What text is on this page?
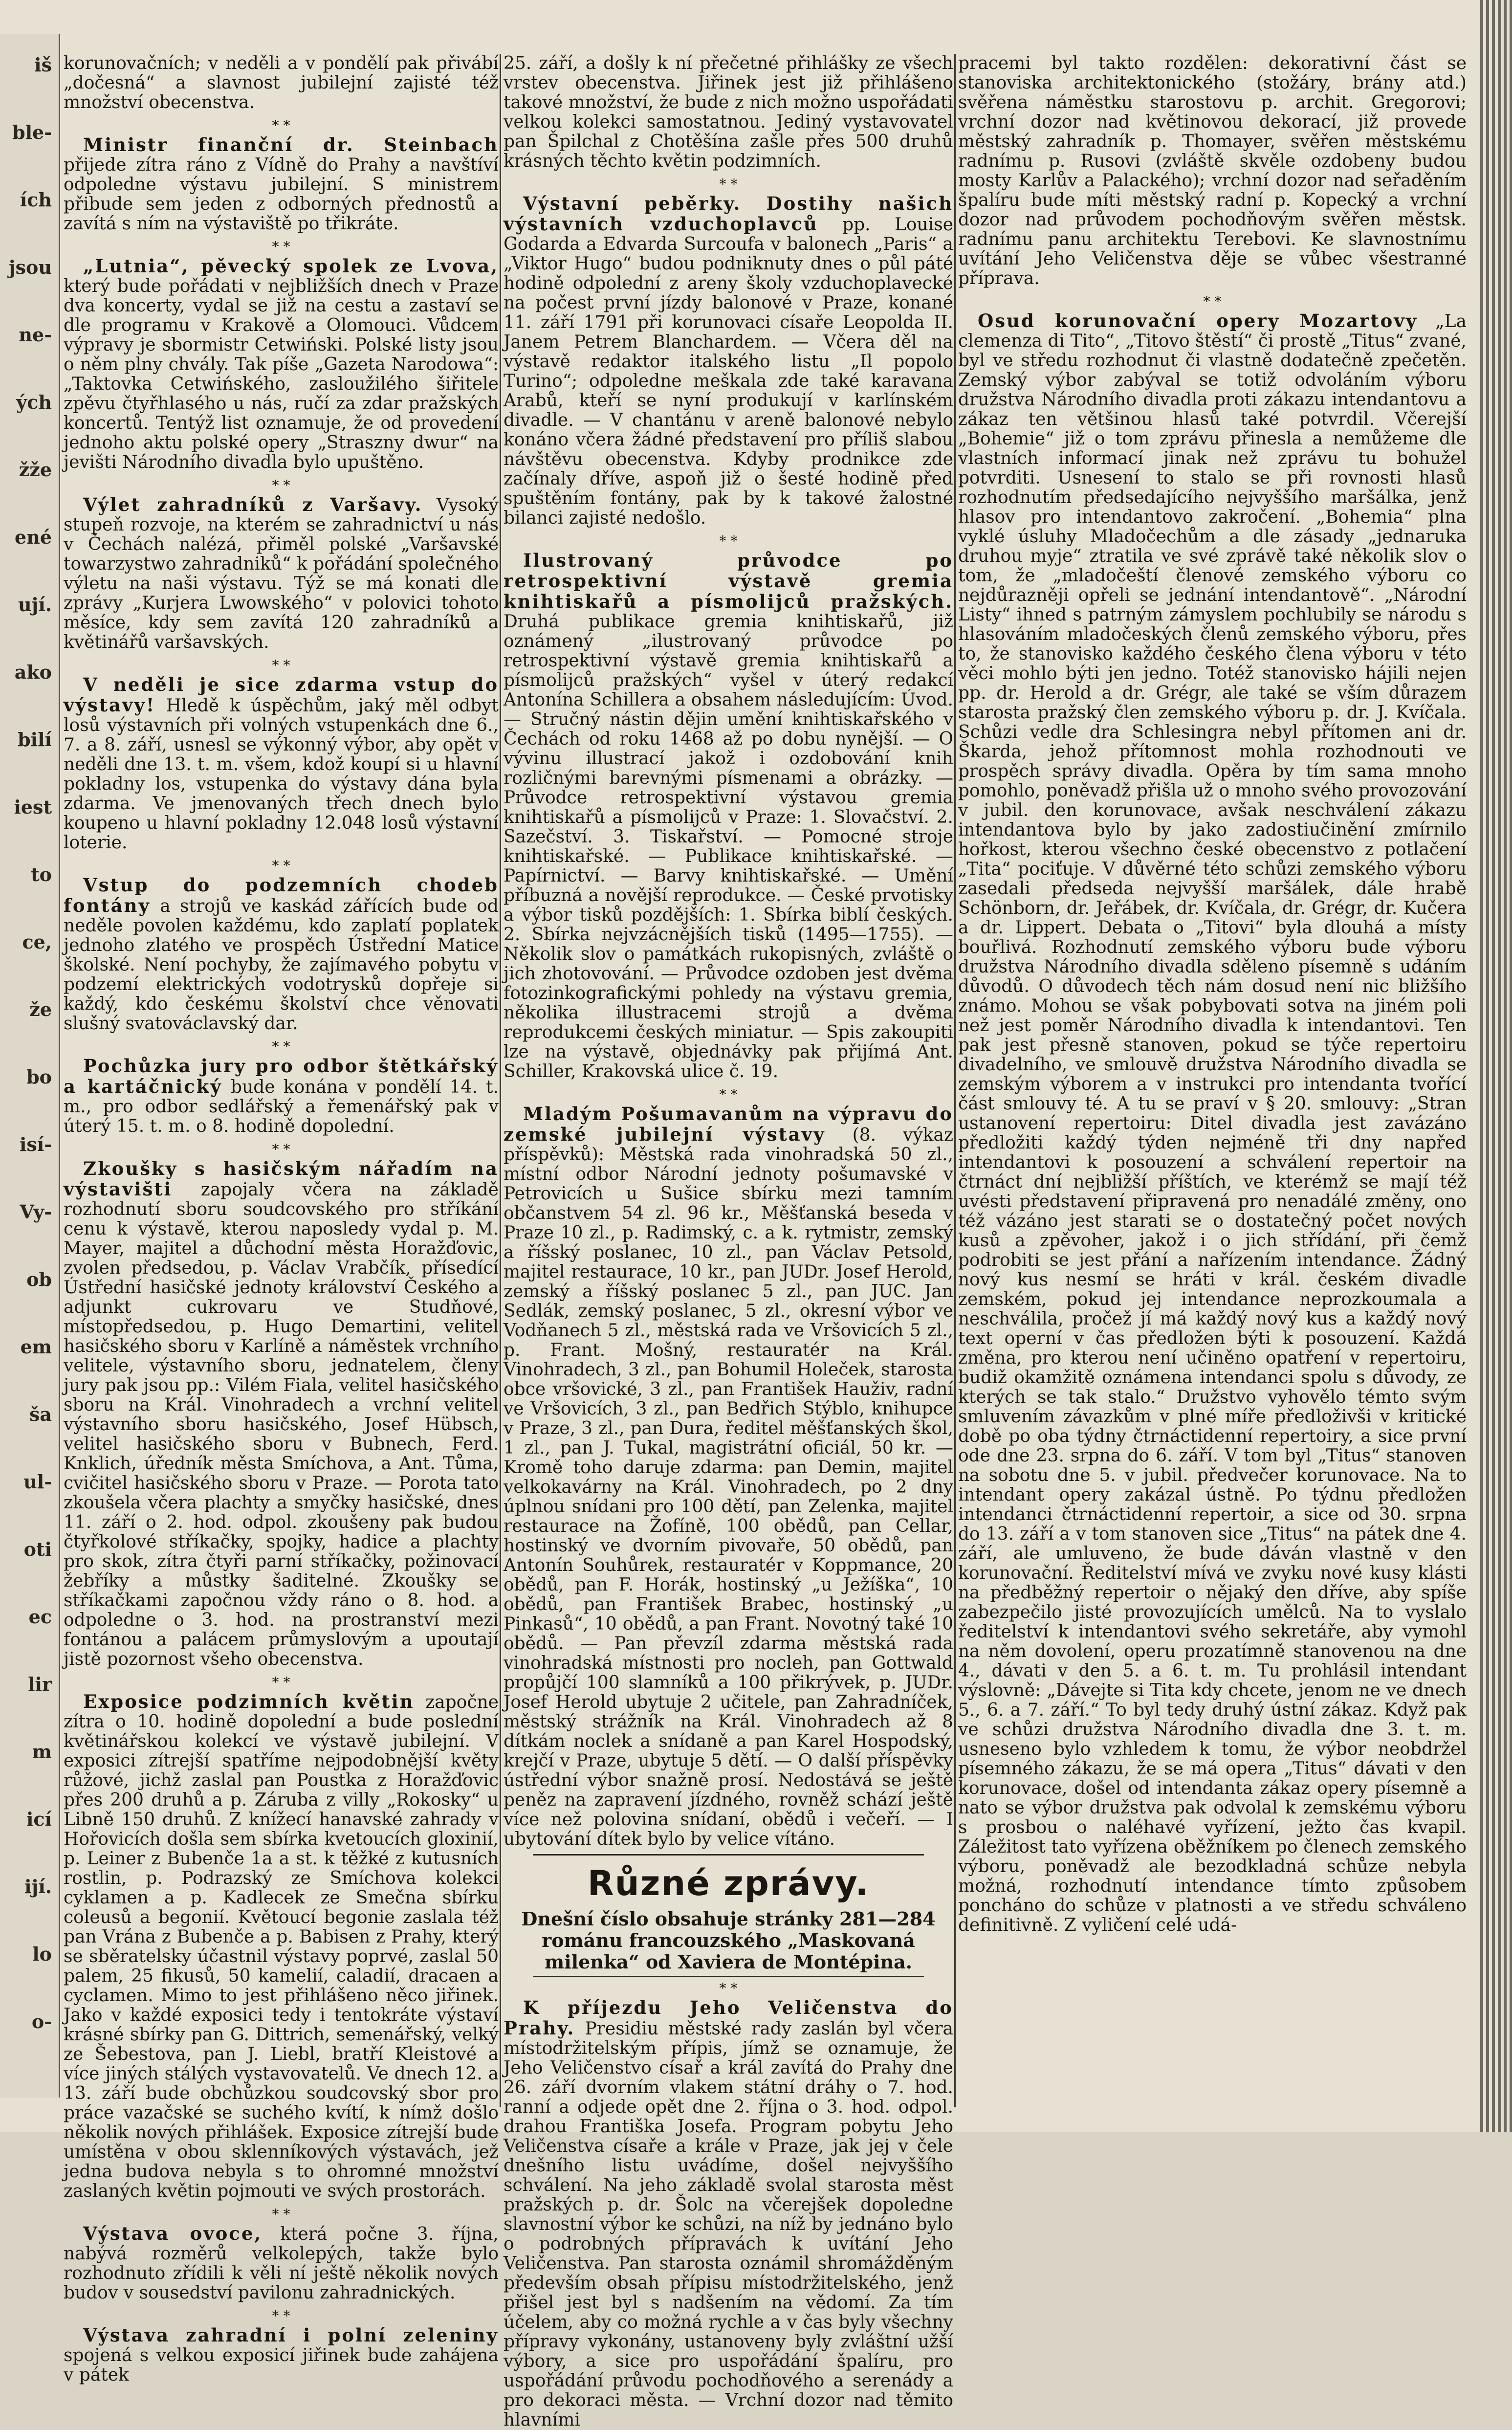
iš
ble-
ích
jsou
ne-
ých
žže
ené
ují.
ako
bilí
iest
to
ce,
že
bo
isí-
Vy-
ob
em
ša
ul-
oti
ec
lir
m
icí
ijí.
lo
o-

korunovačních; v neděli a v pondělí pak přivábí „dočesná“ a slavnost jubilejní zajisté též množství obecenstva.

* *

Ministr finanční dr. Steinbach přijede zítra ráno z Vídně do Prahy a navštíví odpoledne výstavu jubilejní. S ministrem přibude sem jeden z odborných přednostů a zavítá s ním na výstaviště po třikráte.

* *

„Lutnia“, pěvecký spolek ze Lvova, který bude pořádati v nejbližších dnech v Praze dva koncerty, vydal se již na cestu a zastaví se dle programu v Krakově a Olomouci. Vůdcem výpravy je sbormistr Cetwiński. Polské listy jsou o něm plny chvály. Tak píše „Gazeta Narodowa“: „Taktovka Cetwińského, zasloužilého šiřitele zpěvu čtyřhlasého u nás, ručí za zdar pražských koncertů. Tentýž list oznamuje, že od provedení jednoho aktu polské opery „Straszny dwur“ na jevišti Národního divadla bylo upuštěno.

* *

Výlet zahradníků z Varšavy. Vysoký stupeň rozvoje, na kterém se zahradnictví u nás v Čechách nalézá, přiměl polské „Varšavské towarzystwo zahradniků“ k pořádání společného výletu na naši výstavu. Týž se má konati dle zprávy „Kurjera Lwowského“ v polovici tohoto měsíce, kdy sem zavítá 120 zahradníků a květinářů varšavských.

* *

V neděli je sice zdarma vstup do výstavy! Hledě k úspěchům, jaký měl odbyt losů výstavních při volných vstupenkách dne 6., 7. a 8. září, usnesl se výkonný výbor, aby opět v neděli dne 13. t. m. všem, kdož koupí si u hlavní pokladny los, vstupenka do výstavy dána byla zdarma. Ve jmenovaných třech dnech bylo koupeno u hlavní pokladny 12.048 losů výstavní loterie.

* *

Vstup do podzemních chodeb fontány a strojů ve kaskád zářících bude od neděle povolen každému, kdo zaplatí poplatek jednoho zlatého ve prospěch Ústřední Matice školské. Není pochyby, že zajímavého pobytu v podzemí elektrických vodotrysků dopřeje si každý, kdo českému školství chce věnovati slušný svatováclavský dar.

* *

Pochůzka jury pro odbor štětkářský a kartáčnický bude konána v pondělí 14. t. m., pro odbor sedlářský a řemenářský pak v úterý 15. t. m. o 8. hodině dopolední.

* *

Zkoušky s hasičským nářadím na výstavišti zapojaly včera na základě rozhodnutí sboru soudcovského pro stříkání cenu k výstavě, kterou naposledy vydal p. M. Mayer, majitel a důchodní města Horažďovic, zvolen předsedou, p. Václav Vrabčík, přísedící Ústřední hasičské jednoty království Českého a adjunkt cukrovaru ve Studňové, místopředsedou, p. Hugo Demartini, velitel hasičského sboru v Karlíně a náměstek vrchního velitele, výstavního sboru, jednatelem, členy jury pak jsou pp.: Vilém Fiala, velitel hasičského sboru na Král. Vinohradech a vrchní velitel výstavního sboru hasičského, Josef Hübsch, velitel hasičského sboru v Bubnech, Ferd. Knklich, úředník města Smíchova, a Ant. Tůma, cvičitel hasičského sboru v Praze. — Porota tato zkoušela včera plachty a smyčky hasičské, dnes 11. září o 2. hod. odpol. zkoušeny pak budou čtyřkolové stříkačky, spojky, hadice a plachty pro skok, zítra čtyři parní stříkačky, požinovací žebříky a můstky šaditelné. Zkoušky se stříkačkami započnou vždy ráno o 8. hod. a odpoledne o 3. hod. na prostranství mezi fontánou a palácem průmyslovým a upoutají jistě pozornost všeho obecenstva.

* *

Exposice podzimních květin započne zítra o 10. hodině dopolední a bude poslední květinářskou kolekcí ve výstavě jubilejní. V exposici zítrejší spatříme nejpodobnější květy růžové, jichž zaslal pan Poustka z Horažďovic přes 200 druhů a p. Záruba z villy „Rokosky“ u Libně 150 druhů. Z knížecí hanavské zahrady v Hořovicích došla sem sbírka kvetoucích gloxinií, p. Leiner z Bubenče 1a a st. k těžké z kutusních rostlin, p. Podrazský ze Smíchova kolekci cyklamen a p. Kadlecek ze Smečna sbírku coleusů a begonií. Květoucí begonie zaslala též pan Vrána z Bubenče a p. Babisen z Prahy, který se sběratelsky účastnil výstavy poprvé, zaslal 50 palem, 25 fikusů, 50 kamelií, caladií, dracaen a cyclamen. Mimo to jest přihlášeno něco jiřinek. Jako v každé exposici tedy i tentokráte výstaví krásné sbírky pan G. Dittrich, semenářský, velký ze Šebestova, pan J. Liebl, bratří Kleistové a více jiných stálých vystavovatelů. Ve dnech 12. a 13. září bude obchůzkou soudcovský sbor pro práce vazačské se suchého kvítí, k nímž došlo několik nových přihlášek. Exposice zítrejší bude umístěna v obou sklenníkových výstavách, jež jedna budova nebyla s to ohromné množství zaslaných květin pojmouti ve svých prostorách.

* *

Výstava ovoce, která počne 3. října, nabývá rozměrů velkolepých, takže bylo rozhodnuto zřídili k věli ní ještě několik nových budov v sousedství pavilonu zahradnických.

* *

Výstava zahradní i polní zeleniny spojená s velkou exposicí jiřinek bude zahájena v pátek

25. září, a došly k ní přečetné přihlášky ze všech vrstev obecenstva. Jiřinek jest již přihlášeno takové množství, že bude z nich možno uspořádati velkou kolekci samostatnou. Jediný vystavovatel pan Špilchal z Chotěšína zašle přes 500 druhů krásných těchto květin podzimních.

* *

Výstavní peběrky. Dostihy našich výstavních vzduchoplavců pp. Louise Godarda a Edvarda Surcoufa v balonech „Paris“ a „Viktor Hugo“ budou podniknuty dnes o půl páté hodině odpolední z areny školy vzduchoplavecké na počest první jízdy balonové v Praze, konané 11. září 1791 při korunovaci císaře Leopolda II. Janem Petrem Blanchardem. — Včera děl na výstavě redaktor italského listu „Il popolo Turino“; odpoledne meškala zde také karavana Arabů, kteří se nyní produkují v karlínském divadle. — V chantánu v areně balonové nebylo konáno včera žádné představení pro příliš slabou návštěvu obecenstva. Kdyby prodnikce zde začínaly dříve, aspoň již o šesté hodině před spuštěním fontány, pak by k takové žalostné bilanci zajisté nedošlo.

* *

Ilustrovaný průvodce po retrospektivní výstavě gremia knihtiskařů a písmolijců pražských. Druhá publikace gremia knihtiskařů, již oznámený „ilustrovaný průvodce po retrospektivní výstavě gremia knihtiskařů a písmolijců pražských“ vyšel v úterý redakcí Antonína Schillera a obsahem následujícím: Úvod. — Stručný nástin dějin umění knihtiskařského v Čechách od roku 1468 až po dobu nynější. — O vývinu illustrací jakož i ozdobování knih rozličnými barevnými písmenami a obrázky. — Průvodce retrospektivní výstavou gremia knihtiskařů a písmolijců v Praze: 1. Slovačství. 2. Sazečství. 3. Tiskařství. — Pomocné stroje knihtiskařské. — Publikace knihtiskařské. — Papírnictví. — Barvy knihtiskařské. — Umění příbuzná a novější reprodukce. — České prvotisky a výbor tisků pozdějších: 1. Sbírka biblí českých. 2. Sbírka nejvzácnějších tisků (1495—1755). — Několik slov o památkách rukopisných, zvláště o jich zhotovování. — Průvodce ozdoben jest dvěma fotozinkografickými pohledy na výstavu gremia, několika illustracemi strojů a dvěma reprodukcemi českých miniatur. — Spis zakoupiti lze na výstavě, objednávky pak přijímá Ant. Schiller, Krakovská ulice č. 19.

* *

Mladým Pošumavanům na výpravu do zemské jubilejní výstavy (8. výkaz příspěvků): Městská rada vinohradská 50 zl., místní odbor Národní jednoty pošumavské v Petrovicích u Sušice sbírku mezi tamním občanstvem 54 zl. 96 kr., Měšťanská beseda v Praze 10 zl., p. Radimský, c. a k. rytmistr, zemský a říšský poslanec, 10 zl., pan Václav Petsold, majitel restaurace, 10 kr., pan JUDr. Josef Herold, zemský a říšský poslanec 5 zl., pan JUC. Jan Sedlák, zemský poslanec, 5 zl., okresní výbor ve Vodňanech 5 zl., městská rada ve Vršovicích 5 zl., p. Frant. Mošný, restauratér na Král. Vinohradech, 3 zl., pan Bohumil Holeček, starosta obce vršovické, 3 zl., pan František Hauživ, radní ve Vršovicích, 3 zl., pan Bedřich Stýblo, knihupce v Praze, 3 zl., pan Dura, ředitel měšťanských škol, 1 zl., pan J. Tukal, magistrátní oficiál, 50 kr. — Kromě toho daruje zdarma: pan Demin, majitel velkokavárny na Král. Vinohradech, po 2 dny úplnou snídani pro 100 dětí, pan Zelenka, majitel restaurace na Žofíně, 100 obědů, pan Cellar, hostinský ve dvorním pivovaře, 50 obědů, pan Antonín Souhůrek, restauratér v Koppmance, 20 obědů, pan F. Horák, hostinský „u Ježíška“, 10 obědů, pan František Brabec, hostinský „u Pinkasů“, 10 obědů, a pan Frant. Novotný také 10 obědů. — Pan převzíl zdarma městská rada vinohradská místnosti pro nocleh, pan Gottwald propůjčí 100 slamníků a 100 přikrývek, p. JUDr. Josef Herold ubytuje 2 učitele, pan Zahradníček, městský strážník na Král. Vinohradech až 8 dítkám noclek a snídaně a pan Karel Hospodský, krejčí v Praze, ubytuje 5 dětí. — O další příspěvky ústřední výbor snažně prosí. Nedostává se ještě peněz na zapravení jízdného, rovněž schází ještě více než polovina snídaní, obědů i večeří. — I ubytování dítek bylo by velice vítáno.

Různé zprávy.
Dnešní číslo obsahuje stránky 281—284 románu francouzského „Maskovaná milenka“ od Xaviera de Montépina.
* *

K příjezdu Jeho Veličenstva do Prahy. Presidiu městské rady zaslán byl včera místodržitelským přípis, jímž se oznamuje, že Jeho Veličenstvo císař a král zavítá do Prahy dne 26. září dvorním vlakem státní dráhy o 7. hod. ranní a odjede opět dne 2. října o 3. hod. odpol. drahou Františka Josefa. Program pobytu Jeho Veličenstva císaře a krále v Praze, jak jej v čele dnešního listu uvádíme, došel nejvyššího schválení. Na jeho základě svolal starosta měst pražských p. dr. Šolc na včerejšek dopoledne slavnostní výbor ke schůzi, na níž by jednáno bylo o podrobných přípravách k uvítání Jeho Veličenstva. Pan starosta oznámil shromážděným především obsah přípisu místodržitelského, jenž přišel jest byl s nadšením na vědomí. Za tím účelem, aby co možná rychle a v čas byly všechny přípravy vykonány, ustanoveny byly zvláštní užší výbory, a sice pro uspořádání špalíru, pro uspořádání průvodu pochodňového a serenády a pro dekoraci města. — Vrchní dozor nad těmito hlavními

pracemi byl takto rozdělen: dekorativní část se stanoviska architektonického (stožáry, brány atd.) svěřena náměstku starostovu p. archit. Gregorovi; vrchní dozor nad květinovou dekorací, již provede městský zahradník p. Thomayer, svěřen městskému radnímu p. Rusovi (zvláště skvěle ozdobeny budou mosty Karlův a Palackého); vrchní dozor nad seřaděním špalíru bude míti městský radní p. Kopecký a vrchní dozor nad průvodem pochodňovým svěřen městsk. radnímu panu architektu Terebovi. Ke slavnostnímu uvítání Jeho Veličenstva děje se vůbec všestranné příprava.

* *

Osud korunovační opery Mozartovy „La clemenza di Tito“, „Titovo štěstí“ či prostě „Titus“ zvané, byl ve středu rozhodnut či vlastně dodatečně zpečetěn. Zemský výbor zabýval se totiž odvoláním výboru družstva Národního divadla proti zákazu intendantovu a zákaz ten většinou hlasů také potvrdil. Včerejší „Bohemie“ již o tom zprávu přinesla a nemůžeme dle vlastních informací jinak než zprávu tu bohužel potvrditi. Usnesení to stalo se při rovnosti hlasů rozhodnutím předsedajícího nejvyššího maršálka, jenž hlasov pro intendantovo zakročení. „Bohemia“ plna vyklé úsluhy Mladočechům a dle zásady „jednaruka druhou myje“ ztratila ve své zprávě také několik slov o tom, že „mladočeští členové zemského výboru co nejdůrazněji opřeli se jednání intendantově“. „Národní Listy“ ihned s patrným zámyslem pochlubily se národu s hlasováním mladočeských členů zemského výboru, přes to, že stanovisko každého českého člena výboru v této věci mohlo býti jen jedno. Totéž stanovisko hájili nejen pp. dr. Herold a dr. Grégr, ale také se vším důrazem starosta pražský člen zemského výboru p. dr. J. Kvíčala. Schůzi vedle dra Schlesingra nebyl přítomen ani dr. Škarda, jehož přítomnost mohla rozhodnouti ve prospěch správy divadla. Opěra by tím sama mnoho pomohlo, poněvadž přišla už o mnoho svého provozování v jubil. den korunovace, avšak neschválení zákazu intendantova bylo by jako zadostiučinění zmírnilo hořkost, kterou všechno české obecenstvo z potlačení „Tita“ pociťuje. V důvěrné této schůzi zemského výboru zasedali předseda nejvyšší maršálek, dále hrabě Schönborn, dr. Jeřábek, dr. Kvíčala, dr. Grégr, dr. Kučera a dr. Lippert. Debata o „Titovi“ byla dlouhá a místy bouřlivá. Rozhodnutí zemského výboru bude výboru družstva Národního divadla sděleno písemně s udáním důvodů. O důvodech těch nám dosud není nic bližšího známo. Mohou se však pobybovati sotva na jiném poli než jest poměr Národního divadla k intendantovi. Ten pak jest přesně stanoven, pokud se týče repertoiru divadelního, ve smlouvě družstva Národního divadla se zemským výborem a v instrukci pro intendanta tvořící část smlouvy té. A tu se praví v § 20. smlouvy: „Stran ustanovení repertoiru: Ditel divadla jest zavázáno předložiti každý týden nejméně tři dny napřed intendantovi k posouzení a schválení repertoir na čtrnáct dní nejbližší příštích, ve kterémž se mají též uvésti představení připravená pro nenadálé změny, ono též vázáno jest starati se o dostatečný počet nových kusů a zpěvoher, jakož i o jich střídání, při čemž podrobiti se jest přání a nařízením intendance. Žádný nový kus nesmí se hráti v král. českém divadle zemském, pokud jej intendance neprozkoumala a neschválila, pročež jí má každý nový kus a každý nový text operní v čas předložen býti k posouzení. Každá změna, pro kterou není učiněno opatření v repertoiru, budiž okamžitě oznámena intendanci spolu s důvody, ze kterých se tak stalo.“ Družstvo vyhovělo témto svým smluvením závazkům v plné míře předloživši v kritické době po oba týdny čtrnáctidenní repertoiry, a sice první ode dne 23. srpna do 6. září. V tom byl „Titus“ stanoven na sobotu dne 5. v jubil. předvečer korunovace. Na to intendant opery zakázal ústně. Po týdnu předložen intendanci čtrnáctidenní repertoir, a sice od 30. srpna do 13. září a v tom stanoven sice „Titus“ na pátek dne 4. září, ale umluveno, že bude dáván vlastně v den korunovační. Ředitelství mívá ve zvyku nové kusy klásti na předběžný repertoir o nějaký den dříve, aby spíše zabezpečilo jisté provozujících umělců. Na to vyslalo ředitelství k intendantovi svého sekretáře, aby vymohl na něm dovolení, operu prozatímně stanovenou na dne 4., dávati v den 5. a 6. t. m. Tu prohlásil intendant výslovně: „Dávejte si Tita kdy chcete, jenom ne ve dnech 5., 6. a 7. září.“ To byl tedy druhý ústní zákaz. Když pak ve schůzi družstva Národního divadla dne 3. t. m. usneseno bylo vzhledem k tomu, že výbor neobdržel písemného zákazu, že se má opera „Titus“ dávati v den korunovace, došel od intendanta zákaz opery písemně a nato se výbor družstva pak odvolal k zemskému výboru s prosbou o naléhavé vyřízení, ježto čas kvapil. Záležitost tato vyřízena oběžníkem po členech zemského výboru, poněvadž ale bezodkladná schůze nebyla možná, rozhodnutí intendance tímto způsobem poncháno do schůze v platnosti a ve středu schváleno definitivně. Z vyličení celé udá-
